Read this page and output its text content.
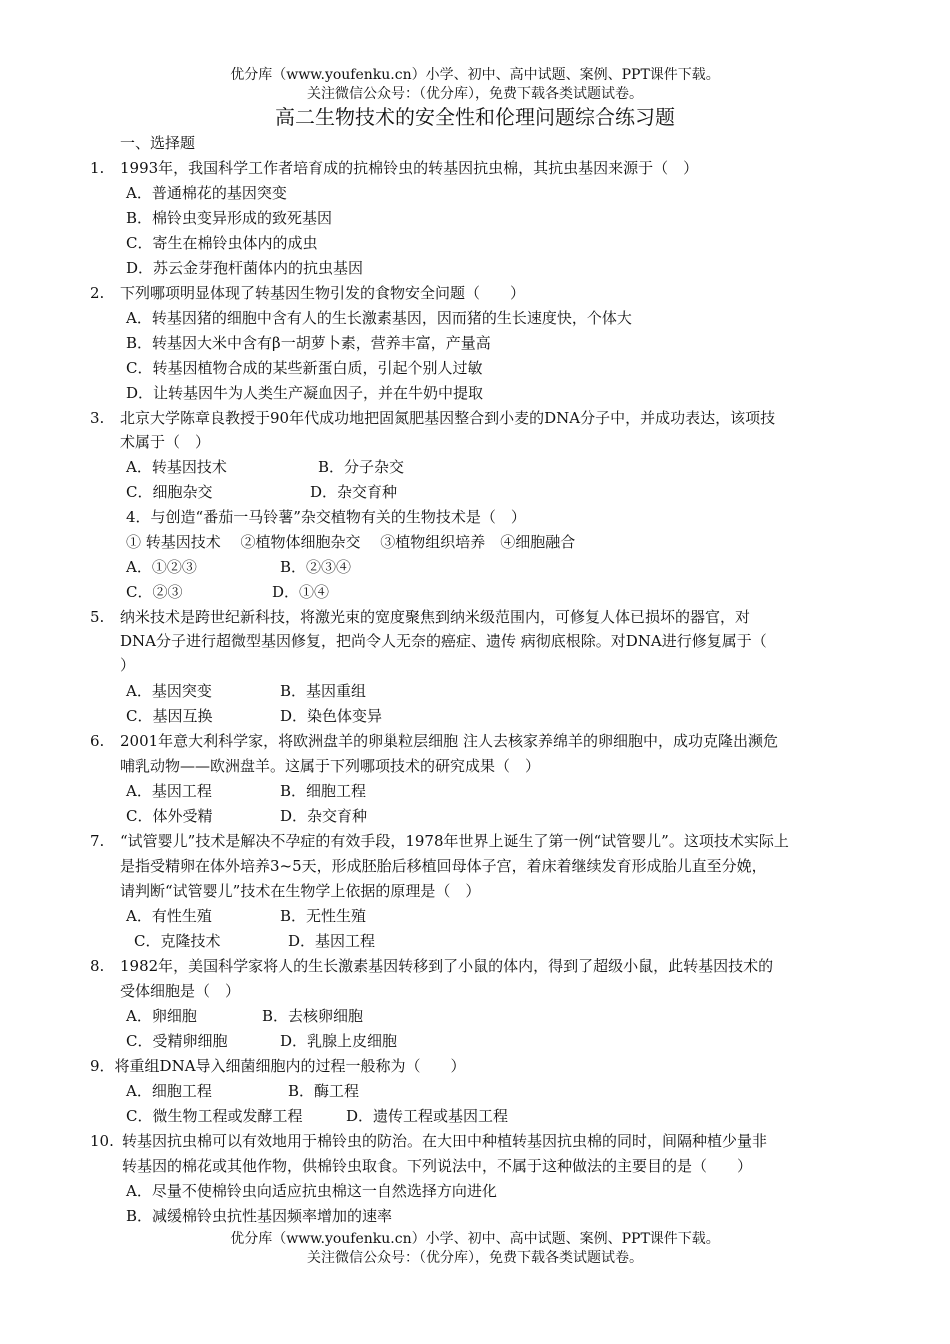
优分库（www.youfenku.cn）小学、初中、高中试题、案例、PPT课件下载。
关注微信公众号：（优分库），免费下载各类试题试卷。
高二生物技术的安全性和伦理问题综合练习题
一、选择题
1. 1993年，我国科学工作者培育成的抗棉铃虫的转基因抗虫棉，其抗虫基因来源于（　）
A．普通棉花的基因突变
B．棉铃虫变异形成的致死基因
C．寄生在棉铃虫体内的成虫
D．苏云金芽孢杆菌体内的抗虫基因
2. 下列哪项明显体现了转基因生物引发的食物安全问题（　　）
A．转基因猪的细胞中含有人的生长激素基因，因而猪的生长速度快，个体大
B．转基因大米中含有β一胡萝卜素，营养丰富，产量高
C．转基因植物合成的某些新蛋白质，引起个别人过敏
D．让转基因牛为人类生产凝血因子，并在牛奶中提取
3. 北京大学陈章良教授于90年代成功地把固氮肥基因整合到小麦的DNA分子中，并成功表达，该项技
术属于（　）
A．转基因技术	B．分子杂交
C．细胞杂交	D．杂交育种
4．与创造“番茄一马铃薯”杂交植物有关的生物技术是（　）
① 转基因技术　 ②植物体细胞杂交　 ③植物组织培养　④细胞融合
A．①②③	B．②③④
C．②③	D．①④
5. 纳米技术是跨世纪新科技，将激光束的宽度聚焦到纳米级范围内，可修复人体已损坏的器官，对
DNA分子进行超微型基因修复，把尚令人无奈的癌症、遗传 病彻底根除。对DNA进行修复属于（
）
A．基因突变	B．基因重组
C．基因互换	D．染色体变异
6. 2001年意大利科学家，将欧洲盘羊的卵巢粒层细胞 注人去核家养绵羊的卵细胞中，成功克隆出濒危
哺乳动物——欧洲盘羊。这属于下列哪项技术的研究成果（　）
A．基因工程	B．细胞工程
C．体外受精	D．杂交育种
7. “试管婴儿”技术是解决不孕症的有效手段，1978年世界上诞生了第一例“试管婴儿”。这项技术实际上
是指受精卵在体外培养3~5天，形成胚胎后移植回母体子宫，着床着继续发育形成胎儿直至分娩，
请判断“试管婴儿”技术在生物学上依据的原理是（　）
A．有性生殖	B．无性生殖
C．克隆技术	D．基因工程
8. 1982年，美国科学家将人的生长激素基因转移到了小鼠的体内，得到了超级小鼠，此转基因技术的
受体细胞是（　）
A．卵细胞	B．去核卵细胞
C．受精卵细胞	D．乳腺上皮细胞
9．将重组DNA导入细菌细胞内的过程一般称为（　　）
A．细胞工程	B．酶工程
C．微生物工程或发酵工程	D．遗传工程或基因工程
10. 转基因抗虫棉可以有效地用于棉铃虫的防治。在大田中种植转基因抗虫棉的同时，间隔种植少量非
转基因的棉花或其他作物，供棉铃虫取食。下列说法中，不属于这种做法的主要目的是（　　）
A．尽量不使棉铃虫向适应抗虫棉这一自然选择方向进化
B．减缓棉铃虫抗性基因频率增加的速率
优分库（www.youfenku.cn）小学、初中、高中试题、案例、PPT课件下载。
关注微信公众号：（优分库），免费下载各类试题试卷。
